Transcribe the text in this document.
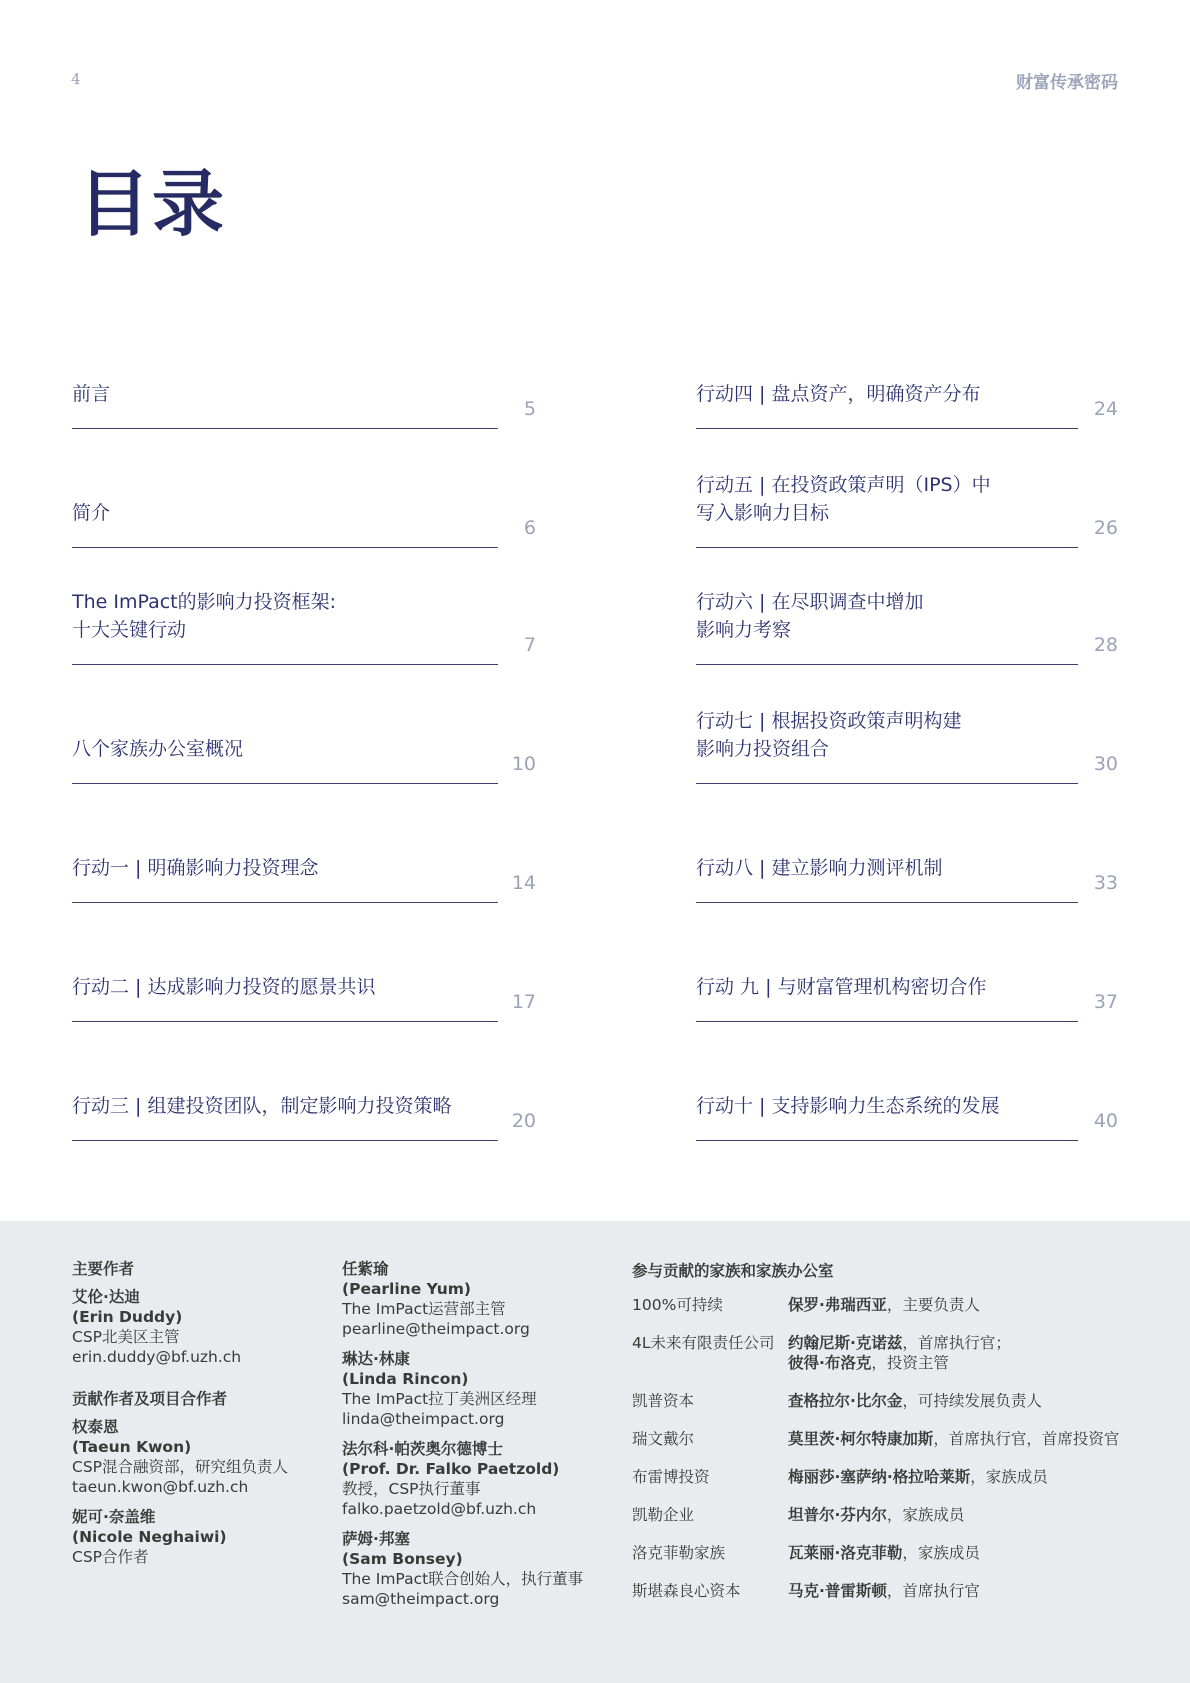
4	财富传承密码
目录
前言
5
简介
6
The ImPact的影响力投资框架:
十大关键行动
7
八个家族办公室概况
10
行动一 | 明确影响力投资理念
14
行动二 | 达成影响力投资的愿景共识
17
行动三 | 组建投资团队，制定影响力投资策略
20
行动四 | 盘点资产，明确资产分布
24
行动五 | 在投资政策声明（IPS）中
写入影响力目标
26
行动六 | 在尽职调查中增加
影响力考察
28
行动七 | 根据投资政策声明构建
影响力投资组合
30
行动八 | 建立影响力测评机制
33
行动 九 | 与财富管理机构密切合作
37
行动十 | 支持影响力生态系统的发展
40
主要作者
艾伦·达迪
(Erin Duddy)
CSP北美区主管
erin.duddy@bf.uzh.ch
贡献作者及项目合作者
权泰恩
(Taeun Kwon)
CSP混合融资部，研究组负责人
taeun.kwon@bf.uzh.ch
妮可·奈盖维
(Nicole Neghaiwi)
CSP合作者
任紫瑜
(Pearline Yum)
The ImPact运营部主管
pearline@theimpact.org
琳达·林康
(Linda Rincon)
The ImPact拉丁美洲区经理
linda@theimpact.org
法尔科·帕茨奥尔德博士
(Prof. Dr. Falko Paetzold)
教授，CSP执行董事
falko.paetzold@bf.uzh.ch
萨姆·邦塞
(Sam Bonsey)
The ImPact联合创始人，执行董事
sam@theimpact.org
参与贡献的家族和家族办公室
100%可持续	保罗·弗瑞西亚，主要负责人
4L未来有限责任公司 约翰尼斯·克诺兹，首席执行官；
彼得·布洛克，投资主管
凯普资本	查格拉尔·比尔金，可持续发展负责人
瑞文戴尔	莫里茨·柯尔特康加斯，首席执行官，首席投资官
布雷博投资	梅丽莎·塞萨纳·格拉哈莱斯，家族成员
凯勒企业	坦普尔·芬内尔，家族成员
洛克菲勒家族	瓦莱丽·洛克菲勒，家族成员
斯堪森良心资本	马克·普雷斯顿，首席执行官
